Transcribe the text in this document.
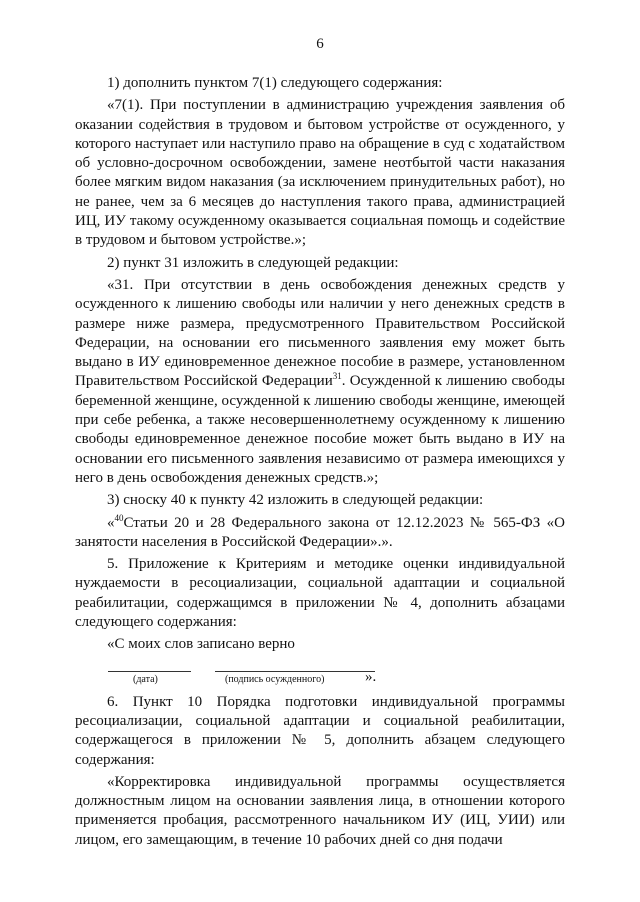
6

1) дополнить пунктом 7(1) следующего содержания:

«7(1). При поступлении в администрацию учреждения заявления об оказании содействия в трудовом и бытовом устройстве от осужденного, у которого наступает или наступило право на обращение в суд с ходатайством об условно-досрочном освобождении, замене неотбытой части наказания более мягким видом наказания (за исключением принудительных работ), но не ранее, чем за 6 месяцев до наступления такого права, администрацией ИЦ, ИУ такому осужденному оказывается социальная помощь и содействие в трудовом и бытовом устройстве.»;

2) пункт 31 изложить в следующей редакции:

«31. При отсутствии в день освобождения денежных средств у осужденного к лишению свободы или наличии у него денежных средств в размере ниже размера, предусмотренного Правительством Российской Федерации, на основании его письменного заявления ему может быть выдано в ИУ единовременное денежное пособие в размере, установленном Правительством Российской Федерации$^{31}$. Осужденной к лишению свободы беременной женщине, осужденной к лишению свободы женщине, имеющей при себе ребенка, а также несовершеннолетнему осужденному к лишению свободы единовременное денежное пособие может быть выдано в ИУ на основании его письменного заявления независимо от размера имеющихся у него в день освобождения денежных средств.»;

3) сноску 40 к пункту 42 изложить в следующей редакции:

«$^{40}$Статьи 20 и 28 Федерального закона от 12.12.2023 № 565-ФЗ «О занятости населения в Российской Федерации».».

5. Приложение к Критериям и методике оценки индивидуальной нуждаемости в ресоциализации, социальной адаптации и социальной реабилитации, содержащимся в приложении № 4, дополнить абзацами следующего содержания:

«С моих слов записано верно

(дата)	(подпись осужденного)	».

6. Пункт 10 Порядка подготовки индивидуальной программы ресоциализации, социальной адаптации и социальной реабилитации, содержащегося в приложении № 5, дополнить абзацем следующего содержания:

«Корректировка индивидуальной программы осуществляется должностным лицом на основании заявления лица, в отношении которого применяется пробация, рассмотренного начальником ИУ (ИЦ, УИИ) или лицом, его замещающим, в течение 10 рабочих дней со дня подачи
